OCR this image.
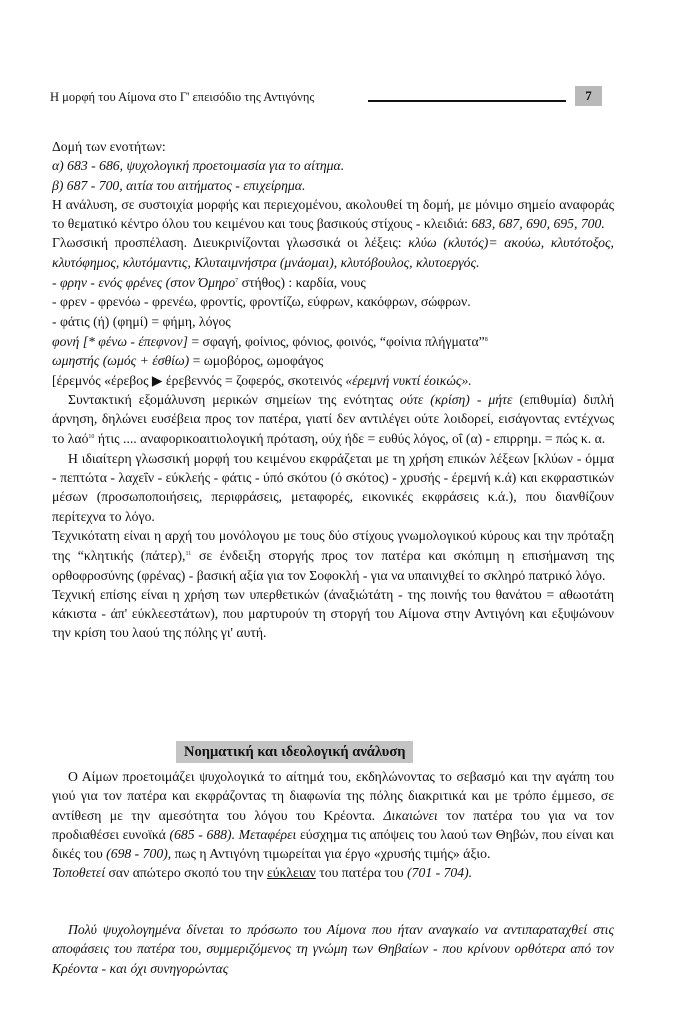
Η μορφή του Αίμονα στο Γ' επεισόδιο της Αντιγόνης	7

Δομή των ενοτήτων:

α) 683 - 686, ψυχολογική προετοιμασία για το αίτημα.

β) 687 - 700, αιτία του αιτήματος - επιχείρημα.

Η ανάλυση, σε συστοιχία μορφής και περιεχομένου, ακολουθεί τη δομή, με μόνιμο σημείο αναφοράς το θεματικό κέντρο όλου του κειμένου και τους βασικούς στίχους - κλειδιά: 683, 687, 690, 695, 700.

Γλωσσική προσπέλαση. Διευκρινίζονται γλωσσικά οι λέξεις: κλύω (κλυτός)= ακούω, κλυτότοξος, κλυτόφημος, κλυτόμαντις, Κλυταιμνήστρα (μνάομαι), κλυτόβουλος, κλυτοεργός.

- φρην - ενός φρένες (στον Όμηρο$^7$ στήθος) : καρδία, νους

- φρεν - φρενόω - φρενέω, φροντίς, φροντίζω, εύφρων, κακόφρων, σώφρων.

- φάτις (ή) (φημί) = φήμη, λόγος

φονή [* φένω - έπεφνον] = σφαγή, φοίνιος, φόνιος, φοινός, “φοίνια πλήγματα”$^8$

ωμηστής (ωμός + έσθίω) = ωμοβόρος, ωμοφάγος

[έρεμνός «έρεβος ▶ έρεβεννός = ζοφερός, σκοτεινός «έρεμνή νυκτί έοικώς».

Συντακτική εξομάλυνση μερικών σημείων της ενότητας ούτε (κρίση) - μήτε (επιθυμία) διπλή άρνηση, δηλώνει ευσέβεια προς τον πατέρα, γιατί δεν αντιλέγει ούτε λοιδορεί, εισάγοντας εντέχνως το λαό$^{10}$ ήτις .... αναφορικοαιτιολογική πρόταση, ούχ ήδε = ευθύς λόγος, οΐ (α) - επιρρημ. = πώς κ. α.

Η ιδιαίτερη γλωσσική μορφή του κειμένου εκφράζεται με τη χρήση επικών λέξεων [κλύων - όμμα - πεπτώτα - λαχεΐν - εύκλεής - φάτις - ύπό σκότου (ό σκότος) - χρυσής - έρεμνή κ.ά) και εκφραστικών μέσων (προσωποποιήσεις, περιφράσεις, μεταφορές, εικονικές εκφράσεις κ.ά.), που διανθίζουν περίτεχνα το λόγο.

Τεχνικότατη είναι η αρχή του μονόλογου με τους δύο στίχους γνωμολογικού κύρους και την πρόταξη της “κλητικής (πάτερ),$^{11}$ σε ένδειξη στοργής προς τον πατέρα και σκόπιμη η επισήμανση της ορθοφροσύνης (φρένας) - βασική αξία για τον Σοφοκλή - για να υπαινιχθεί το σκληρό πατρικό λόγο.

Τεχνική επίσης είναι η χρήση των υπερθετικών (άναξιώτάτη - της ποινής του θανάτου = αθωοτάτη κάκιστα - άπ' εύκλεεστάτων), που μαρτυρούν τη στοργή του Αίμονα στην Αντιγόνη και εξυψώνουν την κρίση του λαού της πόλης γι' αυτή.

Νοηματική και ιδεολογική ανάλυση

Ο Αίμων προετοιμάζει ψυχολογικά το αίτημά του, εκδηλώνοντας το σεβασμό και την αγάπη του γιού για τον πατέρα και εκφράζοντας τη διαφωνία της πόλης διακριτικά και με τρόπο έμμεσο, σε αντίθεση με την αμεσότητα του λόγου του Κρέοντα. Δικαιώνει τον πατέρα του για να τον προδιαθέσει ευνοϊκά (685 - 688). Μεταφέρει εύσχημα τις απόψεις του λαού των Θηβών, που είναι και δικές του (698 - 700), πως η Αντιγόνη τιμωρείται για έργο «χρυσής τιμής» άξιο.

Τοποθετεί σαν απώτερο σκοπό του την εύκλειαν του πατέρα του (701 - 704).

Πολύ ψυχολογημένα δίνεται το πρόσωπο του Αίμονα που ήταν αναγκαίο να αντιπαραταχθεί στις αποφάσεις του πατέρα του, συμμεριζόμενος τη γνώμη των Θηβαίων - που κρίνουν ορθότερα από τον Κρέοντα - και όχι συνηγορώντας
